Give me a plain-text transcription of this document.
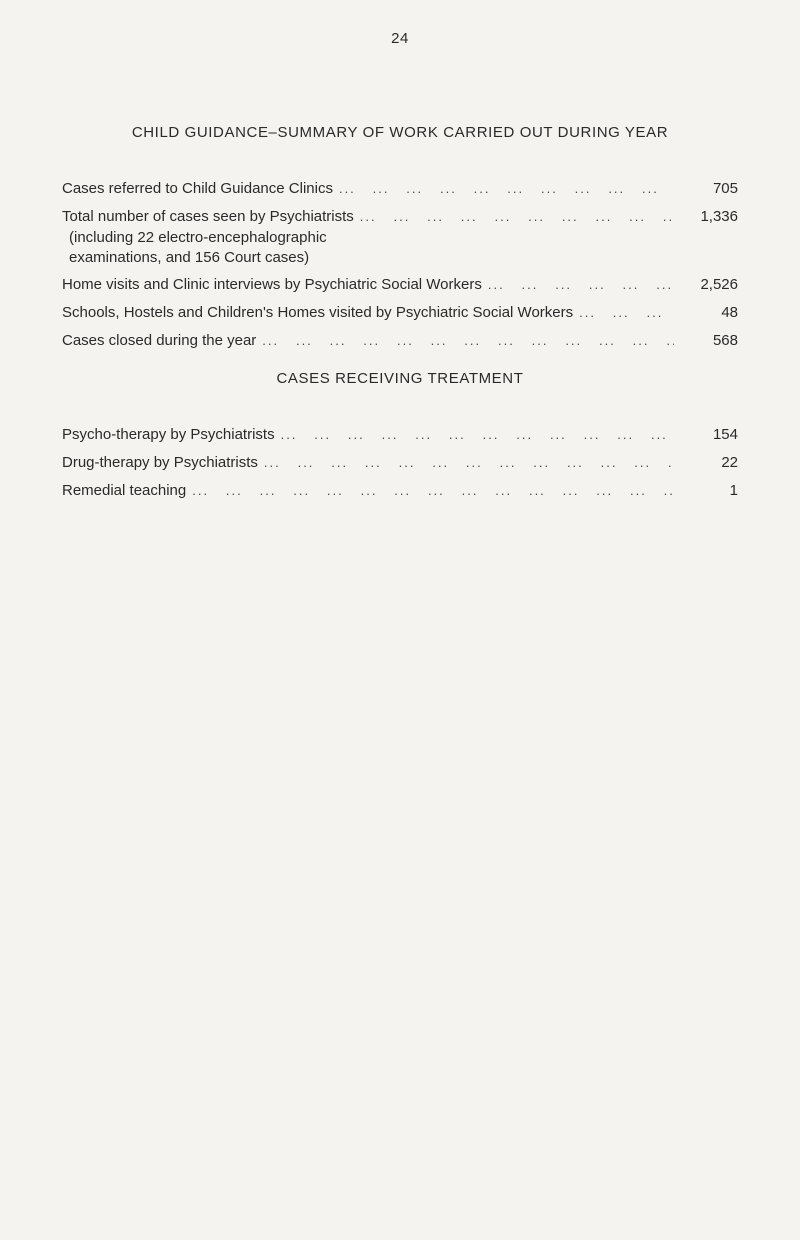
24
CHILD GUIDANCE–SUMMARY OF WORK CARRIED OUT DURING YEAR
Cases referred to Child Guidance Clinics ...	705
Total number of cases seen by Psychiatrists ...	1,336
(including 22 electro-encephalographic
examinations, and 156 Court cases)
Home visits and Clinic interviews by Psychiatric Social Workers ...	2,526
Schools, Hostels and Children's Homes visited by Psychiatric Social Workers ...	48
Cases closed during the year ...	568
CASES RECEIVING TREATMENT
Psycho-therapy by Psychiatrists ...	154
Drug-therapy by Psychiatrists ...	22
Remedial teaching ...	1
